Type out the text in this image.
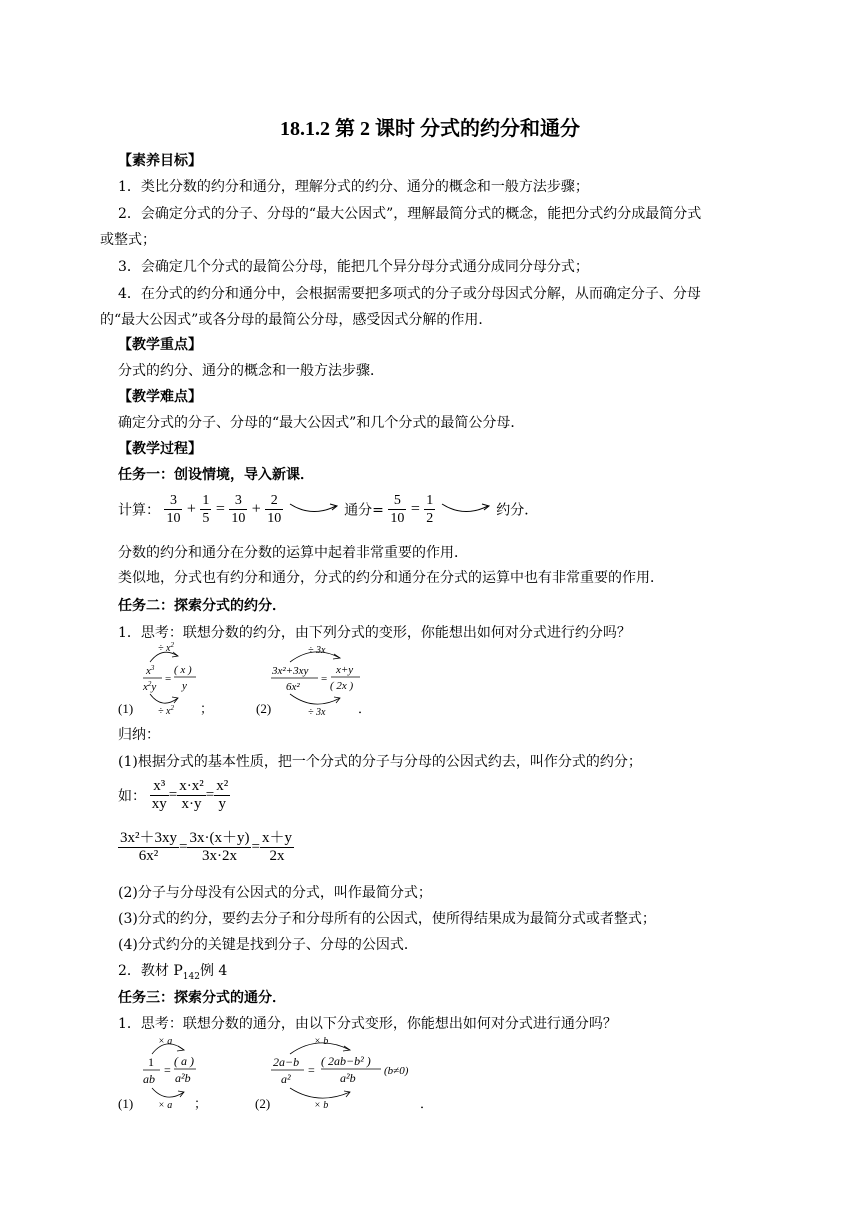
18.1.2 第 2 课时 分式的约分和通分
【素养目标】
1．类比分数的约分和通分，理解分式的约分、通分的概念和一般方法步骤；
2．会确定分式的分子、分母的“最大公因式”，理解最简分式的概念，能把分式约分成最简分式
或整式；
3．会确定几个分式的最简公分母，能把几个异分母分式通分成同分母分式；
4．在分式的约分和通分中，会根据需要把多项式的分子或分母因式分解，从而确定分子、分母
的“最大公因式”或各分母的最简公分母，感受因式分解的作用．
【教学重点】
分式的约分、通分的概念和一般方法步骤．
【教学难点】
确定分式的分子、分母的“最大公因式”和几个分式的最简公分母．
【教学过程】
任务一：创设情境，导入新课．
计算： $\frac{3}{10} + \frac{1}{5} = \frac{3}{10} + \frac{2}{10}$	通分= $\frac{5}{10} = \frac{1}{2}$	约分．
分数的约分和通分在分数的运算中起着非常重要的作用．
类似地，分式也有约分和通分，分式的约分和通分在分式的运算中也有非常重要的作用．
任务二：探索分式的约分．
1．思考：联想分数的约分，由下列分式的变形，你能想出如何对分式进行约分吗？
(1)
÷ $x^2$
$x^3$
$x^2y$
=
( x )
y
÷ $x^2$ ；	(2)
÷ 3x
3x²+3xy
6x²
=
x+y
( 2x )
÷ 3x	．
归纳：
(1)根据分式的基本性质，把一个分式的分子与分母的公因式约去，叫作分式的约分；
如： $\frac{\text{x³}}{xy} = \frac{\text{x·x²}}{x\cdot y} = \frac{\text{x²}}{y}$
$\frac{\text{3x²＋3xy}}{\text{6x²}} = \frac{3x\cdot(x+y)}{3x\cdot 2x} = \frac{x+y}{2x}$
(2)分子与分母没有公因式的分式，叫作最简分式；
(3)分式的约分，要约去分子和分母所有的公因式，使所得结果成为最简分式或者整式；
(4)分式约分的关键是找到分子、分母的公因式．
2．教材 $P_{142}$例 4
任务三：探索分式的通分．
1．思考：联想分数的通分，由以下分式变形，你能想出如何对分式进行通分吗？
(1)
× a
1
ab
=
( a )
a²b
× a ；	(2)
× b
2a−b
a²
=
( 2ab−b² )
a²b	(b≠0)
× b	．
